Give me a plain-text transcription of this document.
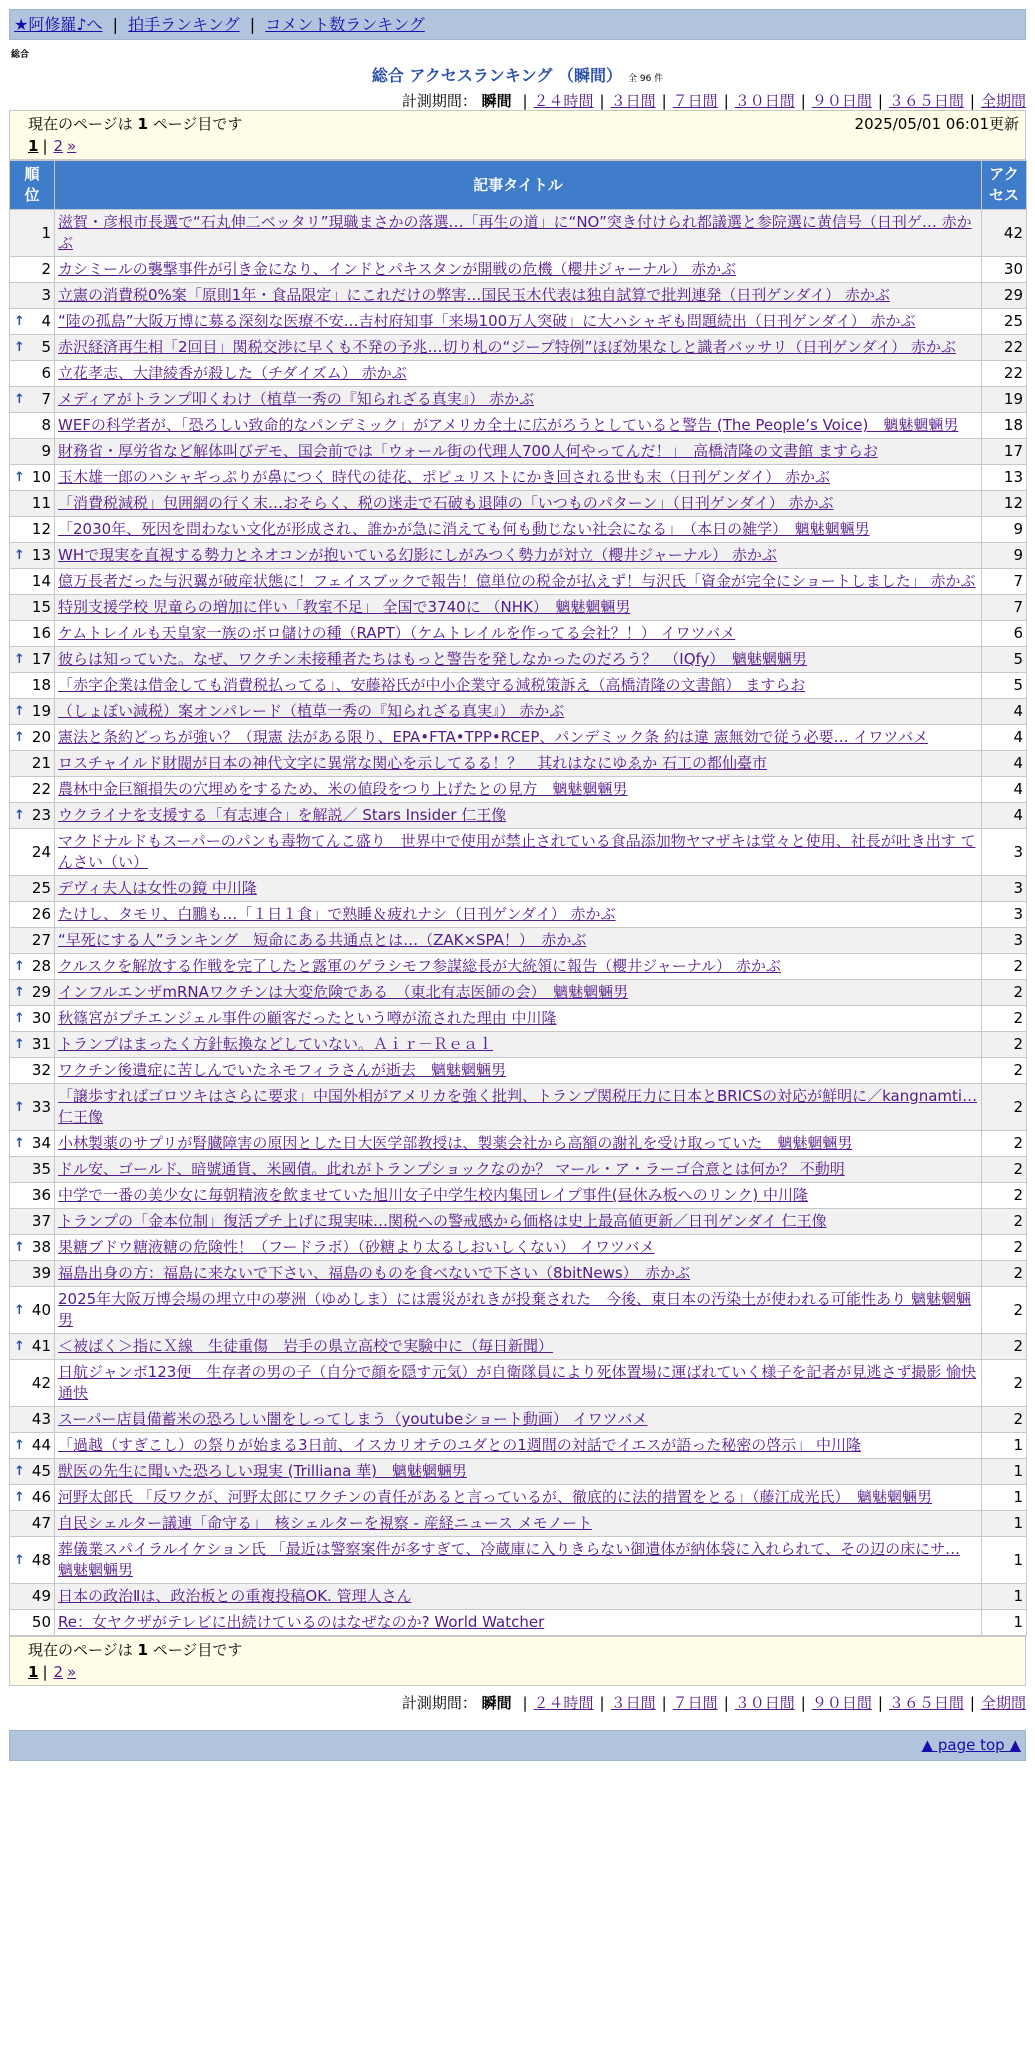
★阿修羅♪へ | 拍手ランキング | コメント数ランキング
総合
総合 アクセスランキング （瞬間） 全 96 件
計測期間： 瞬間 | ２４時間 | ３日間 | ７日間 | ３０日間 | ９０日間 | ３６５日間 | 全期間
現在のページは 1 ページ目です	2025/05/01 06:01更新
1 | 2 »
順位	記事タイトル	アクセス
1	滋賀・彦根市長選で“石丸伸二ベッタリ”現職まさかの落選…「再生の道」に“NO”突き付けられ都議選と参院選に黄信号（日刊ゲ… 赤かぶ	42
2	カシミールの襲撃事件が引き金になり、インドとパキスタンが開戦の危機（櫻井ジャーナル） 赤かぶ	30
3	立憲の消費税0%案「原則1年・食品限定」にこれだけの弊害…国民玉木代表は独自試算で批判連発（日刊ゲンダイ） 赤かぶ	29

↑ 4	“陸の孤島”大阪万博に募る深刻な医療不安…吉村府知事「来場100万人突破」に大ハシャギも問題続出（日刊ゲンダイ） 赤かぶ	25

↑ 5	赤沢経済再生相「2回目」関税交渉に早くも不発の予兆…切り札の“ジープ特例”ほぼ効果なしと識者バッサリ（日刊ゲンダイ） 赤かぶ	22
6	立花孝志、大津綾香が殺した（チダイズム） 赤かぶ	22

↑ 7	メディアがトランプ叩くわけ（植草一秀の『知られざる真実』） 赤かぶ	19
8	WEFの科学者が、「恐ろしい致命的なパンデミック」がアメリカ全土に広がろうとしていると警告 (The People’s Voice)　魑魅魍魎男	18
9	財務省・厚労省など解体叫びデモ、国会前では「ウォール街の代理人700人何やってんだ！」　高橋清隆の文書館 ますらお	17

↑ 10	玉木雄一郎のハシャギっぷりが鼻につく 時代の徒花、ポピュリストにかき回される世も末（日刊ゲンダイ） 赤かぶ	13
11	「消費税減税」包囲網の行く末…おそらく、税の迷走で石破も退陣の「いつものパターン」（日刊ゲンダイ） 赤かぶ	12
12	「2030年、死因を問わない文化が形成され、誰かが急に消えても何も動じない社会になる」　（本日の雑学）　魑魅魍魎男	9

↑ 13	WHで現実を直視する勢力とネオコンが抱いている幻影にしがみつく勢力が対立（櫻井ジャーナル） 赤かぶ	9
14	億万長者だった与沢翼が破産状態に！フェイスブックで報告！億単位の税金が払えず！与沢氏「資金が完全にショートしました」 赤かぶ	7
15	特別支援学校 児童らの増加に伴い「教室不足」 全国で3740に （NHK）　魑魅魍魎男	7
16	ケムトレイルも天皇家一族のボロ儲けの種（RAPT）（ケムトレイルを作ってる会社？！） イワツバメ	6

↑ 17	彼らは知っていた。なぜ、ワクチン未接種者たちはもっと警告を発しなかったのだろう？　（IQfy）　魑魅魍魎男	5
18	「赤字企業は借金しても消費税払ってる」、安藤裕氏が中小企業守る減税策訴え（高橋清隆の文書館） ますらお	5

↑ 19	（しょぼい減税）案オンパレード（植草一秀の『知られざる真実』） 赤かぶ	4

↑ 20	憲法と条約どっちが強い？（現憲 法がある限り、EPA•FTA•TPP•RCEP、パンデミック条 約は違 憲無効で従う必要… イワツバメ	4
21	ロスチャイルド財閥が日本の神代文字に異常な関心を示してるる！？　其れはなにゆゑか 石工の都仙臺市	4
22	農林中金巨額損失の穴埋めをするため、米の値段をつり上げたとの見方　魑魅魍魎男	4

↑ 23	ウクライナを支援する「有志連合」を解説／ Stars Insider 仁王像	4
24	マクドナルドもスーパーのパンも毒物てんこ盛り　世界中で使用が禁止されている食品添加物ヤマザキは堂々と使用、社長が吐き出す てんさい（い）	3
25	デヴィ夫人は女性の鏡 中川隆	3
26	たけし、タモリ、白鵬も…「１日１食」で熟睡＆疲れナシ（日刊ゲンダイ） 赤かぶ	3
27	“早死にする人”ランキング　短命にある共通点とは…（ZAK×SPA！）　赤かぶ	3

↑ 28	クルスクを解放する作戦を完了したと露軍のゲラシモフ参謀総長が大統領に報告（櫻井ジャーナル） 赤かぶ	2

↑ 29	インフルエンザmRNAワクチンは大変危険である　（東北有志医師の会）　魑魅魍魎男	2

↑ 30	秋篠宮がプチエンジェル事件の顧客だったという噂が流された理由 中川隆	2

↑ 31	トランプはまったく方針転換などしていない。Ａｉｒ－Ｒｅａｌ	2
32	ワクチン後遺症に苦しんでいたネモフィラさんが逝去　魑魅魍魎男	2

↑ 33	「譲歩すればゴロツキはさらに要求」中国外相がアメリカを強く批判、トランプ関税圧力に日本とBRICSの対応が鮮明に／kangnamti… 仁王像	2

↑ 34	小林製薬のサプリが腎臓障害の原因とした日大医学部教授は、製薬会社から高額の謝礼を受け取っていた　魑魅魍魎男	2
35	ドル安、ゴールド、暗號通貨、米國債。此れがトランプショックなのか？ マール・ア・ラーゴ合意とは何か？ 不動明	2
36	中学で一番の美少女に毎朝精液を飲ませていた旭川女子中学生校内集団レイプ事件(昼休み板へのリンク) 中川隆	2
37	トランプの「金本位制」復活プチ上げに現実味…関税への警戒感から価格は史上最高値更新／日刊ゲンダイ 仁王像	2

↑ 38	果糖ブドウ糖液糖の危険性！（フードラボ）（砂糖より太るしおいしくない） イワツバメ	2
39	福島出身の方：福島に来ないで下さい、福島のものを食べないで下さい（8bitNews）　赤かぶ	2

↑ 40	2025年大阪万博会場の埋立中の夢洲（ゆめしま）には震災がれきが投棄された　今後、東日本の汚染土が使われる可能性あり 魑魅魍魎男	2

↑ 41	＜被ばく＞指にＸ線　生徒重傷　岩手の県立高校で実験中に（毎日新聞）	2
42	日航ジャンボ123便　生存者の男の子（自分で顔を隠す元気）が自衛隊員により死体置場に運ばれていく様子を記者が見逃さず撮影 愉快通快	2
43	スーパー店員備蓄米の恐ろしい闇をしってしまう（youtubeショート動画） イワツバメ	2

↑ 44	「過越（すぎこし）の祭りが始まる3日前、イスカリオテのユダとの1週間の対話でイエスが語った秘密の啓示」 中川隆	1

↑ 45	獣医の先生に聞いた恐ろしい現実 (Trilliana 華)　魑魅魍魎男	1

↑ 46	河野太郎氏 「反ワクが、河野太郎にワクチンの責任があると言っているが、徹底的に法的措置をとる」（藤江成光氏）　魑魅魍魎男	1
47	自民シェルター議連「命守る」　核シェルターを視察 - 産経ニュース メモノート	1

↑ 48	葬儀業スパイラルイケション氏 「最近は警察案件が多すぎて、冷蔵庫に入りきらない御遺体が納体袋に入れられて、その辺の床にサ… 魑魅魍魎男	1
49	日本の政治Ⅱは、政治板との重複投稿OK. 管理人さん	1
50	Re：女ヤクザがテレビに出続けているのはなぜなのか? World Watcher	1
現在のページは 1 ページ目です
1 | 2 »
計測期間： 瞬間 | ２４時間 | ３日間 | ７日間 | ３０日間 | ９０日間 | ３６５日間 | 全期間
▲ page top ▲
